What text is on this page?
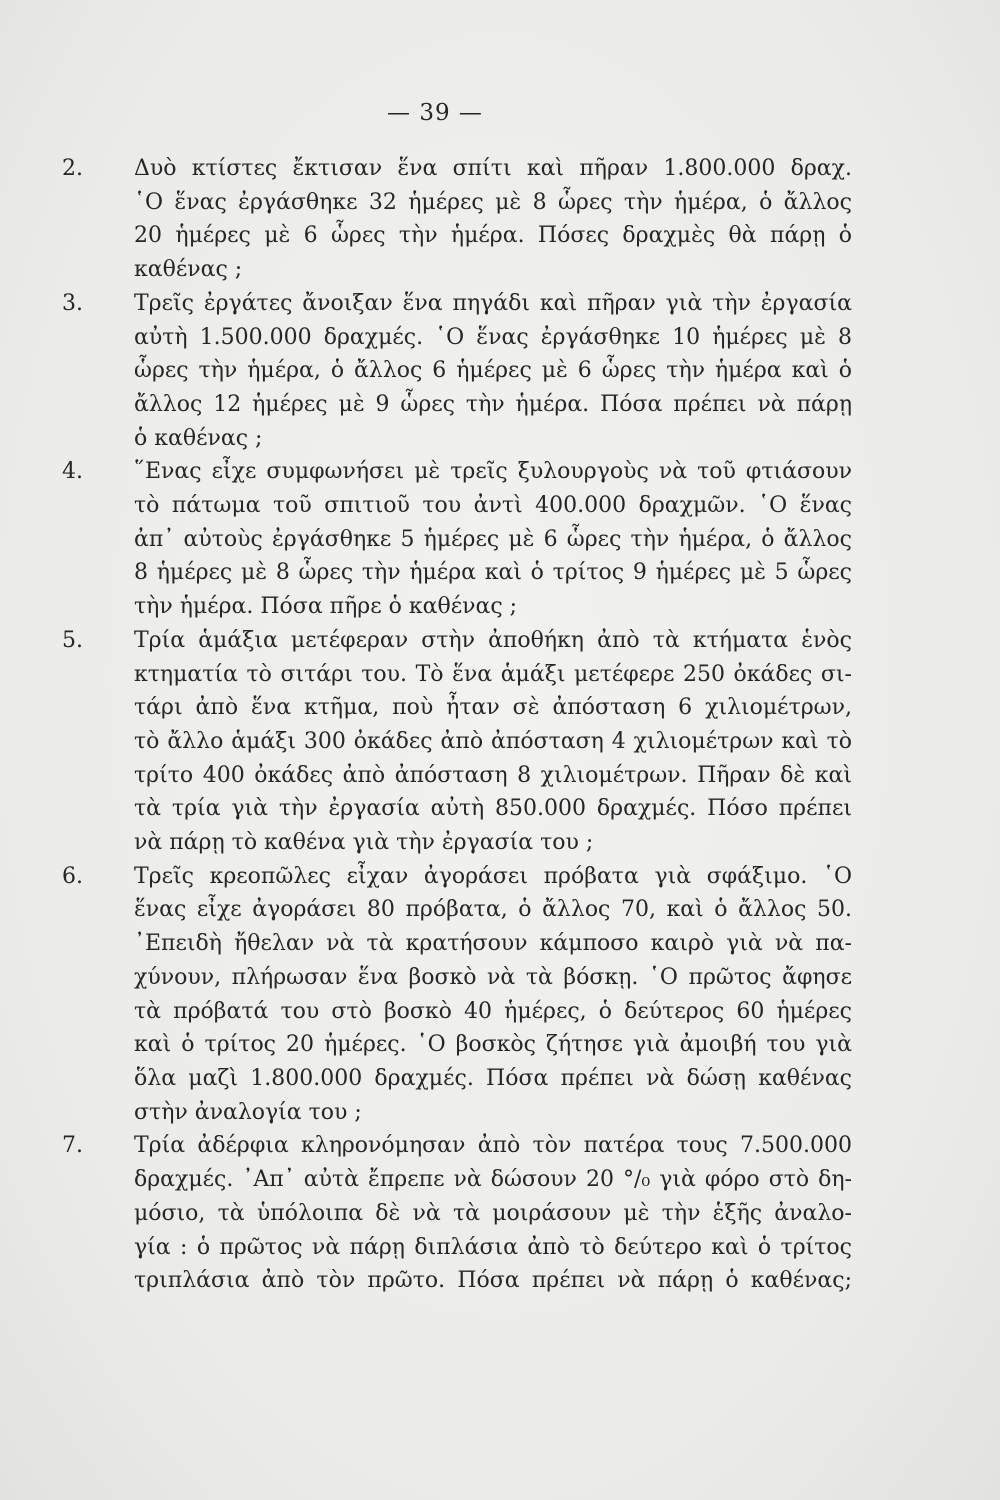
— 39 —
2.	Δυὸ κτίστες ἔκτισαν ἕνα σπίτι καὶ πῆραν 1.800.000 δραχ.
῾Ο ἕνας ἐργάσθηκε 32 ἡμέρες μὲ 8 ὧρες τὴν ἡμέρα, ὁ ἄλλος
20 ἡμέρες μὲ 6 ὧρες τὴν ἡμέρα. Πόσες δραχμὲς θὰ πάρῃ ὁ
καθένας ;
3.	Τρεῖς ἐργάτες ἄνοιξαν ἕνα πηγάδι καὶ πῆραν γιὰ τὴν ἐργασία
αὐτὴ 1.500.000 δραχμές. ῾Ο ἕνας ἐργάσθηκε 10 ἡμέρες μὲ 8
ὧρες τὴν ἡμέρα, ὁ ἄλλος 6 ἡμέρες μὲ 6 ὧρες τὴν ἡμέρα καὶ ὁ
ἄλλος 12 ἡμέρες μὲ 9 ὧρες τὴν ἡμέρα. Πόσα πρέπει νὰ πάρῃ
ὁ καθένας ;
4.	῞Ενας εἶχε συμφωνήσει μὲ τρεῖς ξυλουργοὺς νὰ τοῦ φτιάσουν
τὸ πάτωμα τοῦ σπιτιοῦ του ἀντὶ 400.000 δραχμῶν. ῾Ο ἕνας
ἀπ᾽ αὐτοὺς ἐργάσθηκε 5 ἡμέρες μὲ 6 ὧρες τὴν ἡμέρα, ὁ ἄλλος
8 ἡμέρες μὲ 8 ὧρες τὴν ἡμέρα καὶ ὁ τρίτος 9 ἡμέρες μὲ 5 ὧρες
τὴν ἡμέρα. Πόσα πῆρε ὁ καθένας ;
5.	Τρία ἁμάξια μετέφεραν στὴν ἀποθήκη ἀπὸ τὰ κτήματα ἑνὸς
κτηματία τὸ σιτάρι του. Τὸ ἕνα ἁμάξι μετέφερε 250 ὀκάδες σι-
τάρι ἀπὸ ἕνα κτῆμα, ποὺ ἦταν σὲ ἀπόσταση 6 χιλιομέτρων,
τὸ ἄλλο ἁμάξι 300 ὀκάδες ἀπὸ ἀπόσταση 4 χιλιομέτρων καὶ τὸ
τρίτο 400 ὀκάδες ἀπὸ ἀπόσταση 8 χιλιομέτρων. Πῆραν δὲ καὶ
τὰ τρία γιὰ τὴν ἐργασία αὐτὴ 850.000 δραχμές. Πόσο πρέπει
νὰ πάρῃ τὸ καθένα γιὰ τὴν ἐργασία του ;
6.	Τρεῖς κρεοπῶλες εἶχαν ἀγοράσει πρόβατα γιὰ σφάξιμο. ῾Ο
ἕνας εἶχε ἀγοράσει 80 πρόβατα, ὁ ἄλλος 70, καὶ ὁ ἄλλος 50.
᾽Επειδὴ ἤθελαν νὰ τὰ κρατήσουν κάμποσο καιρὸ γιὰ νὰ πα-
χύνουν, πλήρωσαν ἕνα βοσκὸ νὰ τὰ βόσκῃ. ῾Ο πρῶτος ἄφησε
τὰ πρόβατά του στὸ βοσκὸ 40 ἡμέρες, ὁ δεύτερος 60 ἡμέρες
καὶ ὁ τρίτος 20 ἡμέρες. ῾Ο βοσκὸς ζήτησε γιὰ ἀμοιβή του γιὰ
ὅλα μαζὶ 1.800.000 δραχμές. Πόσα πρέπει νὰ δώσῃ καθένας
στὴν ἀναλογία του ;
7.	Τρία ἀδέρφια κληρονόμησαν ἀπὸ τὸν πατέρα τους 7.500.000
δραχμές. ᾽Απ᾽ αὐτὰ ἔπρεπε νὰ δώσουν 20 °/₀ γιὰ φόρο στὸ δη-
μόσιο, τὰ ὑπόλοιπα δὲ νὰ τὰ μοιράσουν μὲ τὴν ἑξῆς ἀναλο-
γία : ὁ πρῶτος νὰ πάρῃ διπλάσια ἀπὸ τὸ δεύτερο καὶ ὁ τρίτος
τριπλάσια ἀπὸ τὸν πρῶτο. Πόσα πρέπει νὰ πάρῃ ὁ καθένας;
